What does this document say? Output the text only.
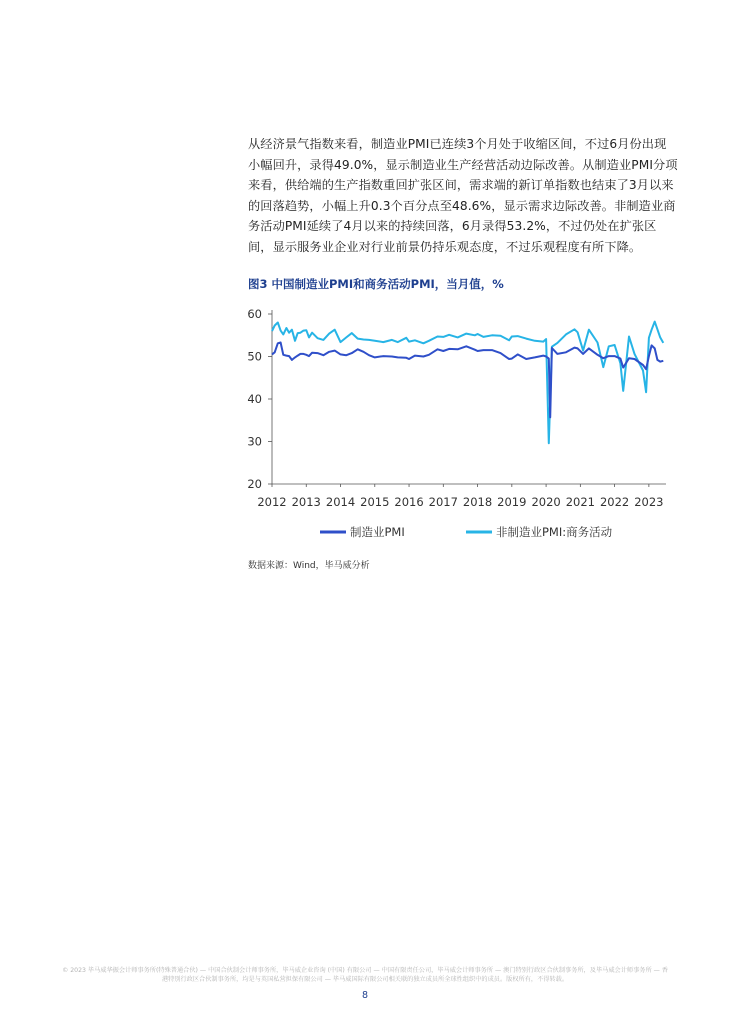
从经济景气指数来看，制造业PMI已连续3个月处于收缩区间，不过6月份出现小幅回升，录得49.0%，显示制造业生产经营活动边际改善。从制造业PMI分项来看，供给端的生产指数重回扩张区间，需求端的新订单指数也结束了3月以来的回落趋势，小幅上升0.3个百分点至48.6%，显示需求边际改善。非制造业商务活动PMI延续了4月以来的持续回落，6月录得53.2%，不过仍处在扩张区间，显示服务业企业对行业前景仍持乐观态度，不过乐观程度有所下降。

图3 中国制造业PMI和商务活动PMI，当月值，%

20
30
40
50
60
2012 2013 2014 2015 2016 2017 2018 2019 2020 2021 2022 2023
制造业PMI	非制造业PMI:商务活动

数据来源：Wind，毕马威分析

© 2023 毕马威华振会计师事务所(特殊普通合伙) — 中国合伙制会计师事务所，毕马威企业咨询 (中国) 有限公司 — 中国有限责任公司，毕马威会计师事务所 — 澳门特别行政区合伙制事务所，及毕马威会计师事务所 — 香港特别行政区合伙制事务所，均是与英国私营担保有限公司 — 毕马威国际有限公司相关联的独立成员所全球性组织中的成员。版权所有，不得转载。

8
